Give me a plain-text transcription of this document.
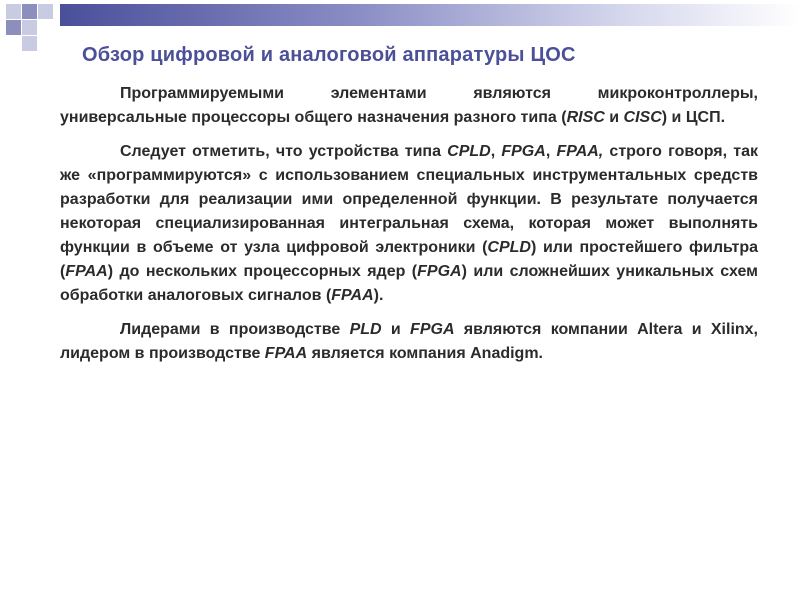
Обзор цифровой и аналоговой аппаратуры ЦОС

Программируемыми элементами являются микроконтроллеры, универсальные процессоры общего назначения разного типа (RISC и CISC) и ЦСП.

Следует отметить, что устройства типа CPLD, FPGA, FPAA, строго говоря, так же «программируются» с использованием специальных инструментальных средств разработки для реализации ими определенной функции. В результате получается некоторая специализированная интегральная схема, которая может выполнять функции в объеме от узла цифровой электроники (CPLD) или простейшего фильтра (FPAA) до нескольких процессорных ядер (FPGA) или сложнейших уникальных схем обработки аналоговых сигналов (FPAA).

Лидерами в производстве PLD и FPGA являются компании Altera и Xilinx, лидером в производстве FPAA является компания Anadigm.
